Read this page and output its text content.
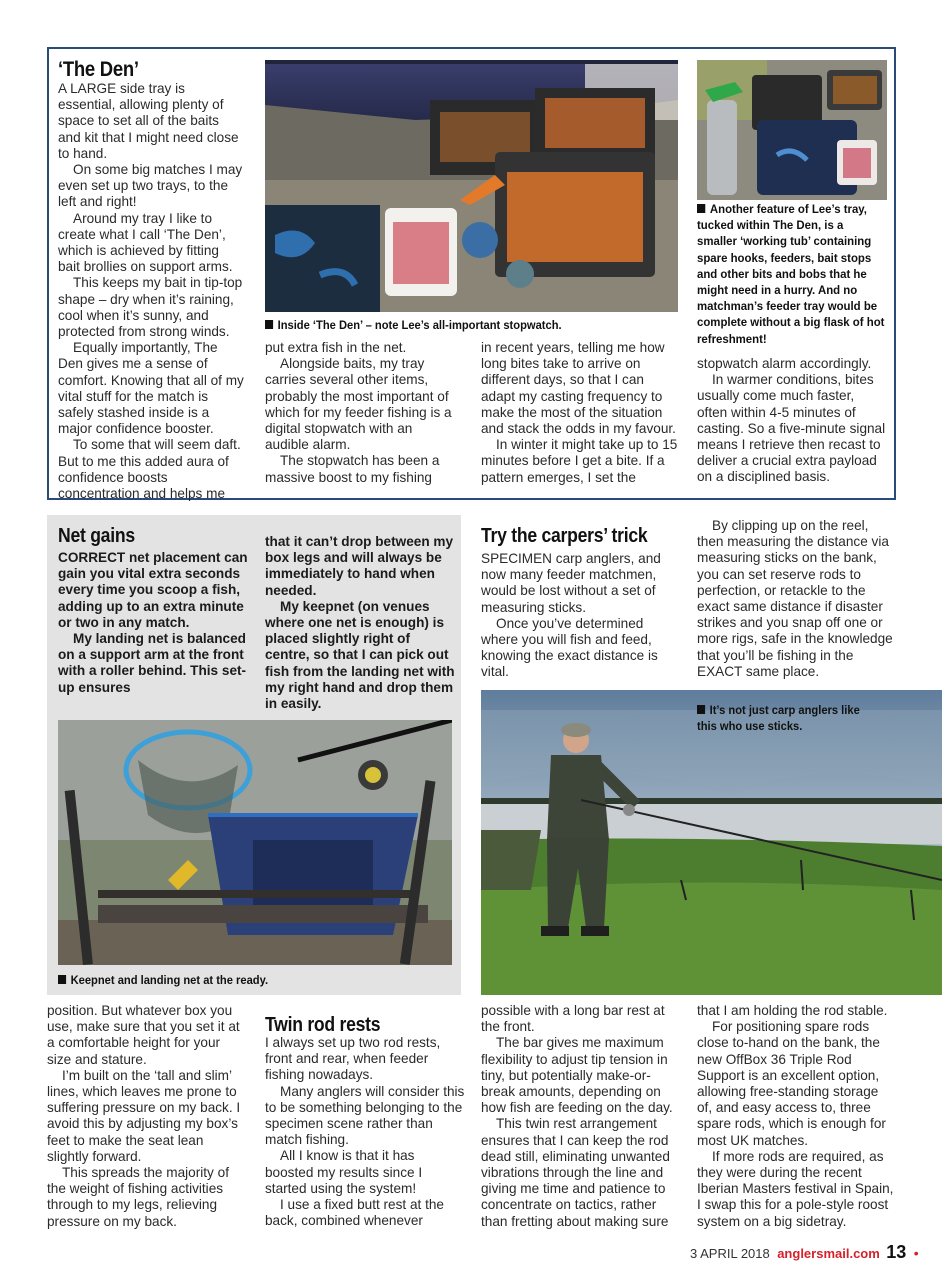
‘The Den’

A LARGE side tray is essential, allowing plenty of space to set all of the baits and kit that I might need close to hand.

On some big matches I may even set up two trays, to the left and right!

Around my tray I like to create what I call ‘The Den’, which is achieved by fitting bait brollies on support arms.

This keeps my bait in tip-top shape – dry when it’s raining, cool when it’s sunny, and protected from strong winds.

Equally importantly, The Den gives me a sense of comfort. Knowing that all of my vital stuff for the match is safely stashed inside is a major confidence booster.

To some that will seem daft. But to me this added aura of confidence boosts concentration and helps me

Inside ‘The Den’ – note Lee’s all-important stopwatch.
Another feature of Lee’s tray, tucked within The Den, is a smaller ‘working tub’ containing spare hooks, feeders, bait stops and other bits and bobs that he might need in a hurry. And no matchman’s feeder tray would be complete without a big flask of hot refreshment!

put extra fish in the net.

Alongside baits, my tray carries several other items, probably the most important of which for my feeder fishing is a digital stopwatch with an audible alarm.

The stopwatch has been a massive boost to my fishing

in recent years, telling me how long bites take to arrive on different days, so that I can adapt my casting frequency to make the most of the situation and stack the odds in my favour.

In winter it might take up to 15 minutes before I get a bite. If a pattern emerges, I set the

stopwatch alarm accordingly.

In warmer conditions, bites usually come much faster, often within 4-5 minutes of casting. So a five-minute signal means I retrieve then recast to deliver a crucial extra payload on a disciplined basis.

Net gains

CORRECT net placement can gain you vital extra seconds every time you scoop a fish, adding up to an extra minute or two in any match.

My landing net is balanced on a support arm at the front with a roller behind. This set-up ensures

that it can’t drop between my box legs and will always be immediately to hand when needed.

My keepnet (on venues where one net is enough) is placed slightly right of centre, so that I can pick out fish from the landing net with my right hand and drop them in easily.

Keepnet and landing net at the ready.
Try the carpers’ trick

SPECIMEN carp anglers, and now many feeder matchmen, would be lost without a set of measuring sticks.

Once you’ve determined where you will fish and feed, knowing the exact distance is vital.

By clipping up on the reel, then measuring the distance via measuring sticks on the bank, you can set reserve rods to perfection, or retackle to the exact same distance if disaster strikes and you snap off one or more rigs, safe in the knowledge that you’ll be fishing in the EXACT same place.

It’s not just carp anglers like this who use sticks.

position. But whatever box you use, make sure that you set it at a comfortable height for your size and stature.

I’m built on the ‘tall and slim’ lines, which leaves me prone to suffering pressure on my back. I avoid this by adjusting my box’s feet to make the seat lean slightly forward.

This spreads the majority of the weight of fishing activities through to my legs, relieving pressure on my back.

Twin rod rests

I always set up two rod rests, front and rear, when feeder fishing nowadays.

Many anglers will consider this to be something belonging to the specimen scene rather than match fishing.

All I know is that it has boosted my results since I started using the system!

I use a fixed butt rest at the back, combined whenever

possible with a long bar rest at the front.

The bar gives me maximum flexibility to adjust tip tension in tiny, but potentially make-or-break amounts, depending on how fish are feeding on the day.

This twin rest arrangement ensures that I can keep the rod dead still, eliminating unwanted vibrations through the line and giving me time and patience to concentrate on tactics, rather than fretting about making sure

that I am holding the rod stable.

For positioning spare rods close to-hand on the bank, the new OffBox 36 Triple Rod Support is an excellent option, allowing free-standing storage of, and easy access to, three spare rods, which is enough for most UK matches.

If more rods are required, as they were during the recent Iberian Masters festival in Spain, I swap this for a pole-style roost system on a big sidetray.

3 APRIL 2018 anglersmail.com 13 •
